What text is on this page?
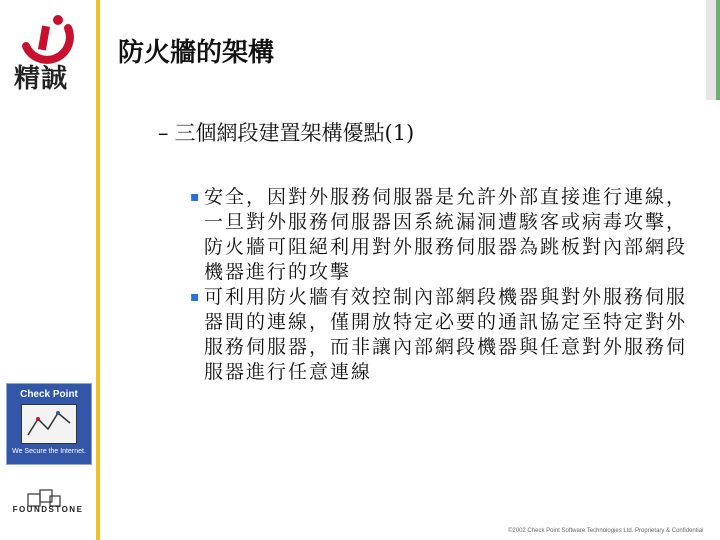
精誠
防火牆的架構
– 三個網段建置架構優點(1)
▪ 安全，因對外服務伺服器是允許外部直接進行連線，一旦對外服務伺服器因系統漏洞遭駭客或病毒攻擊，防火牆可阻絕利用對外服務伺服器為跳板對內部網段機器進行的攻擊
▪ 可利用防火牆有效控制內部網段機器與對外服務伺服器間的連線，僅開放特定必要的通訊協定至特定對外服務伺服器，而非讓內部網段機器與任意對外服務伺服器進行任意連線
Check Point
We Secure the Internet.
FOUNDSTONE
©2002 Check Point Software Technologies Ltd. Proprietary & Confidential
